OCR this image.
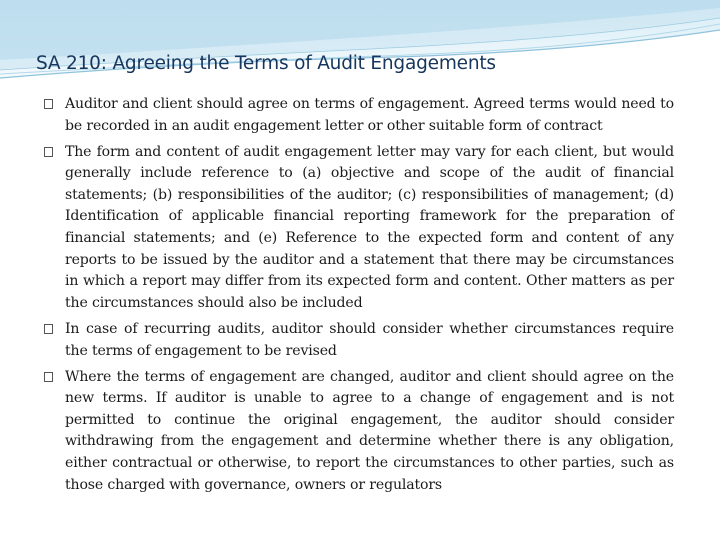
SA 210: Agreeing the Terms of Audit Engagements
Auditor and client should agree on terms of engagement. Agreed terms would need to be recorded in an audit engagement letter or other suitable form of contract
The form and content of audit engagement letter may vary for each client, but would generally include reference to (a) objective and scope of the audit of financial statements; (b) responsibilities of the auditor; (c) responsibilities of management; (d) Identification of applicable financial reporting framework for the preparation of financial statements; and (e) Reference to the expected form and content of any reports to be issued by the auditor and a statement that there may be circumstances in which a report may differ from its expected form and content. Other matters as per the circumstances should also be included
In case of recurring audits, auditor should consider whether circumstances require the terms of engagement to be revised
Where the terms of engagement are changed, auditor and client should agree on the new terms. If auditor is unable to agree to a change of engagement and is not permitted to continue the original engagement, the auditor should consider withdrawing from the engagement and determine whether there is any obligation, either contractual or otherwise, to report the circumstances to other parties, such as those charged with governance, owners or regulators
